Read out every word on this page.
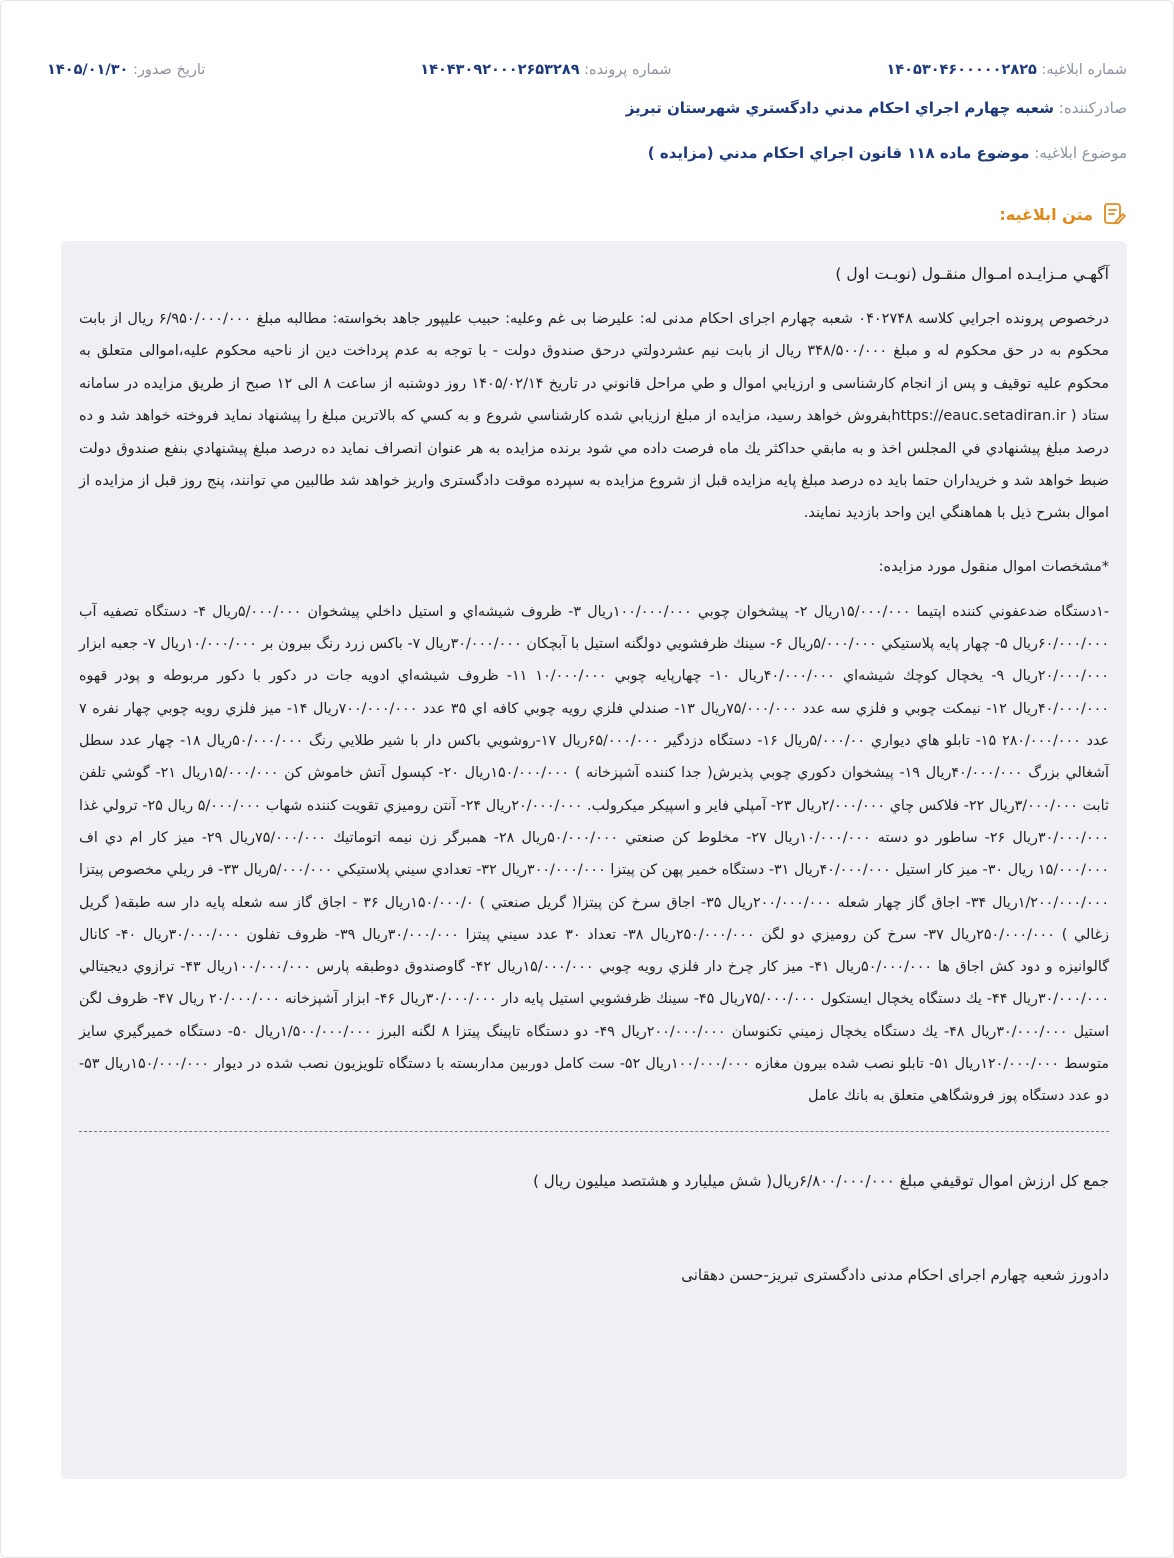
شماره ابلاغیه: ۱۴۰۵۳۰۴۶۰۰۰۰۰۲۸۲۵
شماره پرونده: ۱۴۰۴۳۰۹۲۰۰۰۲۶۵۳۲۸۹
تاریخ صدور: ۱۴۰۵/۰۱/۳۰
صادرکننده: شعبه چهارم اجراي احكام مدني دادگستري شهرستان تبريز
موضوع ابلاغیه: موضوع ماده ۱۱۸ قانون اجراي احكام مدني (مزايده )
متن ابلاغیه:
آگهـي مـزايـده امـوال منقـول (نوبـت اول )
درخصوص پرونده اجرايي كلاسه ۰۴۰۲۷۴۸ شعبه چهارم اجرای احکام مدنی له: عليرضا بی غم وعليه: حبيب عليپور جاهد بخواسته: مطالبه مبلغ ۶/۹۵۰/۰۰۰/۰۰۰ ريال از بابت محكوم به در حق محكوم له و مبلغ ۳۴۸/۵۰۰/۰۰۰ ريال از بابت نيم عشردولتي درحق صندوق دولت - با توجه به عدم پرداخت دين از ناحيه محكوم عليه،اموالی متعلق به محكوم عليه توقيف و پس از انجام كارشناسی و ارزيابي اموال و طي مراحل قانوني در تاريخ ۱۴۰۵/۰۲/۱۴ روز دوشنبه از ساعت ۸ الی ۱۲ صبح از طریق مزایده در سامانه ستاد ( https://eauc.setadiran.irبفروش خواهد رسيد، مزايده از مبلغ ارزيابي شده كارشناسي شروع و به كسي كه بالاترين مبلغ را پيشنهاد نمايد فروخته خواهد شد و ده درصد مبلغ پيشنهادي في المجلس اخذ و به مابقي حداكثر يك ماه فرصت داده مي شود برنده مزايده به هر عنوان انصراف نمايد ده درصد مبلغ پيشنهادي بنفع صندوق دولت ضبط خواهد شد و خريداران حتما بايد ده درصد مبلغ پايه مزايده قبل از شروع مزايده به سپرده موقت دادگستری واريز خواهد شد طالبين مي توانند، پنج روز قبل از مزايده از اموال بشرح ذيل با هماهنگي اين واحد بازديد نمايند.
*مشخصات اموال منقول مورد مزايده:
-۱دستگاه ضدعفوني كننده اپتيما ۱۵/۰۰۰/۰۰۰ریال ۲- پيشخوان چوبي ۱۰۰/۰۰۰/۰۰۰ریال ۳- ظروف شيشه‌اي و استيل داخلي پيشخوان ۵/۰۰۰/۰۰۰ریال ۴- دستگاه تصفيه آب ۶۰/۰۰۰/۰۰۰ریال ۵- چهار پايه پلاستيكي ۵/۰۰۰/۰۰۰ریال ۶- سينك ظرفشويي دولگنه استيل با آبچكان ۳۰/۰۰۰/۰۰۰ریال ۷- باكس زرد رنگ بيرون بر ۱۰/۰۰۰/۰۰۰ریال ۷- جعبه ابزار ۲۰/۰۰۰/۰۰۰ریال ۹- يخچال كوچك شيشه‌اي ۴۰/۰۰۰/۰۰۰ریال ۱۰- چهارپايه چوبي ۱۰/۰۰۰/۰۰۰ ۱۱- ظروف شيشه‌اي ادويه جات در دكور با دكور مربوطه و پودر قهوه ۴۰/۰۰۰/۰۰۰ریال ۱۲- نيمكت چوبي و فلزي سه عدد ۷۵/۰۰۰/۰۰۰ریال ۱۳- صندلي فلزي رويه چوبي كافه اي ۳۵ عدد ۷۰۰/۰۰۰/۰۰۰ریال ۱۴- ميز فلزي رويه چوبي چهار نفره ۷ عدد ۲۸۰/۰۰۰/۰۰۰ ۱۵- تابلو هاي ديواري ۵/۰۰۰/۰۰ریال ۱۶- دستگاه دزدگير ۶۵/۰۰۰/۰۰۰ریال ۱۷-روشويي باكس دار با شير طلايي رنگ ۵۰/۰۰۰/۰۰۰ریال ۱۸- چهار عدد سطل آشغالي بزرگ ۴۰/۰۰۰/۰۰۰ریال ۱۹- پيشخوان دكوري چوبي پذيرش( جدا كننده آشپزخانه ) ۱۵۰/۰۰۰/۰۰۰ریال ۲۰- كپسول آتش خاموش كن ۱۵/۰۰۰/۰۰۰ریال ۲۱- گوشي تلفن ثابت ۳/۰۰۰/۰۰۰ریال ۲۲- فلاكس چاي ۲/۰۰۰/۰۰۰ریال ۲۳- آمپلي فاير و اسپيكر ميكرولب. ۲۰/۰۰۰/۰۰۰ریال ۲۴- آنتن روميزي تقويت كننده شهاب ۵/۰۰۰/۰۰۰ ريال ۲۵- ترولي غذا ۳۰/۰۰۰/۰۰۰ریال ۲۶- ساطور دو دسته ۱۰/۰۰۰/۰۰۰ریال ۲۷- مخلوط كن صنعتي ۵۰/۰۰۰/۰۰۰ریال ۲۸- همبرگر زن نيمه اتوماتيك ۷۵/۰۰۰/۰۰۰ریال ۲۹- ميز كار ام دي اف ۱۵/۰۰۰/۰۰۰ ريال ۳۰- ميز كار استيل ۴۰/۰۰۰/۰۰۰ریال ۳۱- دستگاه خمير پهن كن پيتزا ۳۰۰/۰۰۰/۰۰۰ریال ۳۲- تعدادي سيني پلاستيكي ۵/۰۰۰/۰۰۰ریال ۳۳- فر ريلي مخصوص پيتزا ۱/۲۰۰/۰۰۰/۰۰۰ریال ۳۴- اجاق گاز چهار شعله ۲۰۰/۰۰۰/۰۰۰ریال ۳۵- اجاق سرخ كن پيتزا( گريل صنعتي ) ۱۵۰/۰۰۰/۰ریال ۳۶ - اجاق گاز سه شعله پايه دار سه طبقه( گريل زغالي ) ۲۵۰/۰۰۰/۰۰۰ریال ۳۷- سرخ كن روميزي دو لگن ۲۵۰/۰۰۰/۰۰۰ریال ۳۸- تعداد ۳۰ عدد سيني پيتزا ۳۰/۰۰۰/۰۰۰ریال ۳۹- ظروف تفلون ۳۰/۰۰۰/۰۰۰ریال ۴۰- كانال گالوانيزه و دود كش اجاق ها ۵۰/۰۰۰/۰۰۰ریال ۴۱- ميز كار چرخ دار فلزي رويه چوبي ۱۵/۰۰۰/۰۰۰ریال ۴۲- گاوصندوق دوطبقه پارس ۱۰۰/۰۰۰/۰۰۰ریال ۴۳- ترازوي ديجيتالي ۳۰/۰۰۰/۰۰۰ریال ۴۴- يك دستگاه يخچال ايستكول ۷۵/۰۰۰/۰۰۰ریال ۴۵- سينك ظرفشويي استيل پايه دار ۳۰/۰۰۰/۰۰۰ریال ۴۶- ابزار آشپزخانه ۲۰/۰۰۰/۰۰۰ ريال ۴۷- ظروف لگن استيل ۳۰/۰۰۰/۰۰۰ریال ۴۸- يك دستگاه يخچال زميني تكنوسان ۲۰۰/۰۰۰/۰۰۰ریال ۴۹- دو دستگاه تاپينگ پيتزا ۸ لگنه البرز ۱/۵۰۰/۰۰۰/۰۰۰ریال ۵۰- دستگاه خميرگيري سايز متوسط ۱۲۰/۰۰۰/۰۰۰ریال ۵۱- تابلو نصب شده بيرون مغازه ۱۰۰/۰۰۰/۰۰۰ریال ۵۲- ست كامل دوربين مداربسته با دستگاه تلويزيون نصب شده در ديوار ۱۵۰/۰۰۰/۰۰۰ریال ۵۳- دو عدد دستگاه پوز فروشگاهي متعلق به بانك عامل
جمع كل ارزش اموال توقيفي مبلغ ۶/۸۰۰/۰۰۰/۰۰۰ریال( شش ميليارد و هشتصد ميليون ريال )
دادورز شعبه چهارم اجرای احکام مدنی دادگستری تبریز-حسن دهقانی
